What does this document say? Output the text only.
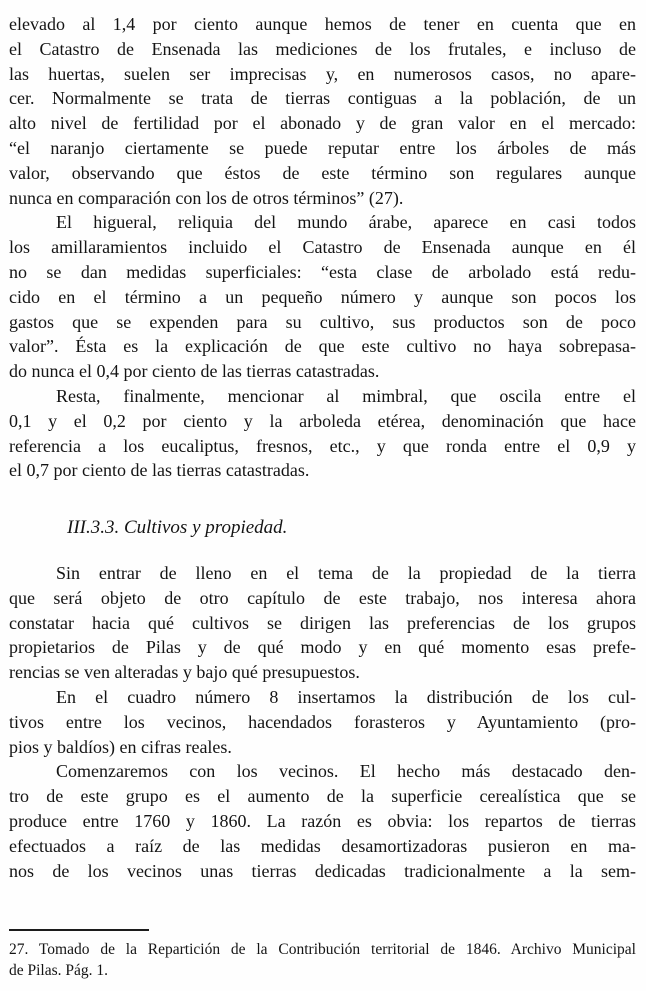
elevado al 1,4 por ciento aunque hemos de tener en cuenta que en
el Catastro de Ensenada las mediciones de los frutales, e incluso de
las huertas, suelen ser imprecisas y, en numerosos casos, no apare-
cer. Normalmente se trata de tierras contiguas a la población, de un
alto nivel de fertilidad por el abonado y de gran valor en el mercado:
“el naranjo ciertamente se puede reputar entre los árboles de más
valor, observando que éstos de este término son regulares aunque
nunca en comparación con los de otros términos” (27).
El higueral, reliquia del mundo árabe, aparece en casi todos
los amillaramientos incluido el Catastro de Ensenada aunque en él
no se dan medidas superficiales: “esta clase de arbolado está redu-
cido en el término a un pequeño número y aunque son pocos los
gastos que se expenden para su cultivo, sus productos son de poco
valor”. Ésta es la explicación de que este cultivo no haya sobrepasa-
do nunca el 0,4 por ciento de las tierras catastradas.
Resta, finalmente, mencionar al mimbral, que oscila entre el
0,1 y el 0,2 por ciento y la arboleda etérea, denominación que hace
referencia a los eucaliptus, fresnos, etc., y que ronda entre el 0,9 y
el 0,7 por ciento de las tierras catastradas.
III.3.3. Cultivos y propiedad.
Sin entrar de lleno en el tema de la propiedad de la tierra
que será objeto de otro capítulo de este trabajo, nos interesa ahora
constatar hacia qué cultivos se dirigen las preferencias de los grupos
propietarios de Pilas y de qué modo y en qué momento esas prefe-
rencias se ven alteradas y bajo qué presupuestos.
En el cuadro número 8 insertamos la distribución de los cul-
tivos entre los vecinos, hacendados forasteros y Ayuntamiento (pro-
pios y baldíos) en cifras reales.
Comenzaremos con los vecinos. El hecho más destacado den-
tro de este grupo es el aumento de la superficie cerealística que se
produce entre 1760 y 1860. La razón es obvia: los repartos de tierras
efectuados a raíz de las medidas desamortizadoras pusieron en ma-
nos de los vecinos unas tierras dedicadas tradicionalmente a la sem-
27. Tomado de la Repartición de la Contribución territorial de 1846. Archivo Municipal
de Pilas. Pág. 1.
